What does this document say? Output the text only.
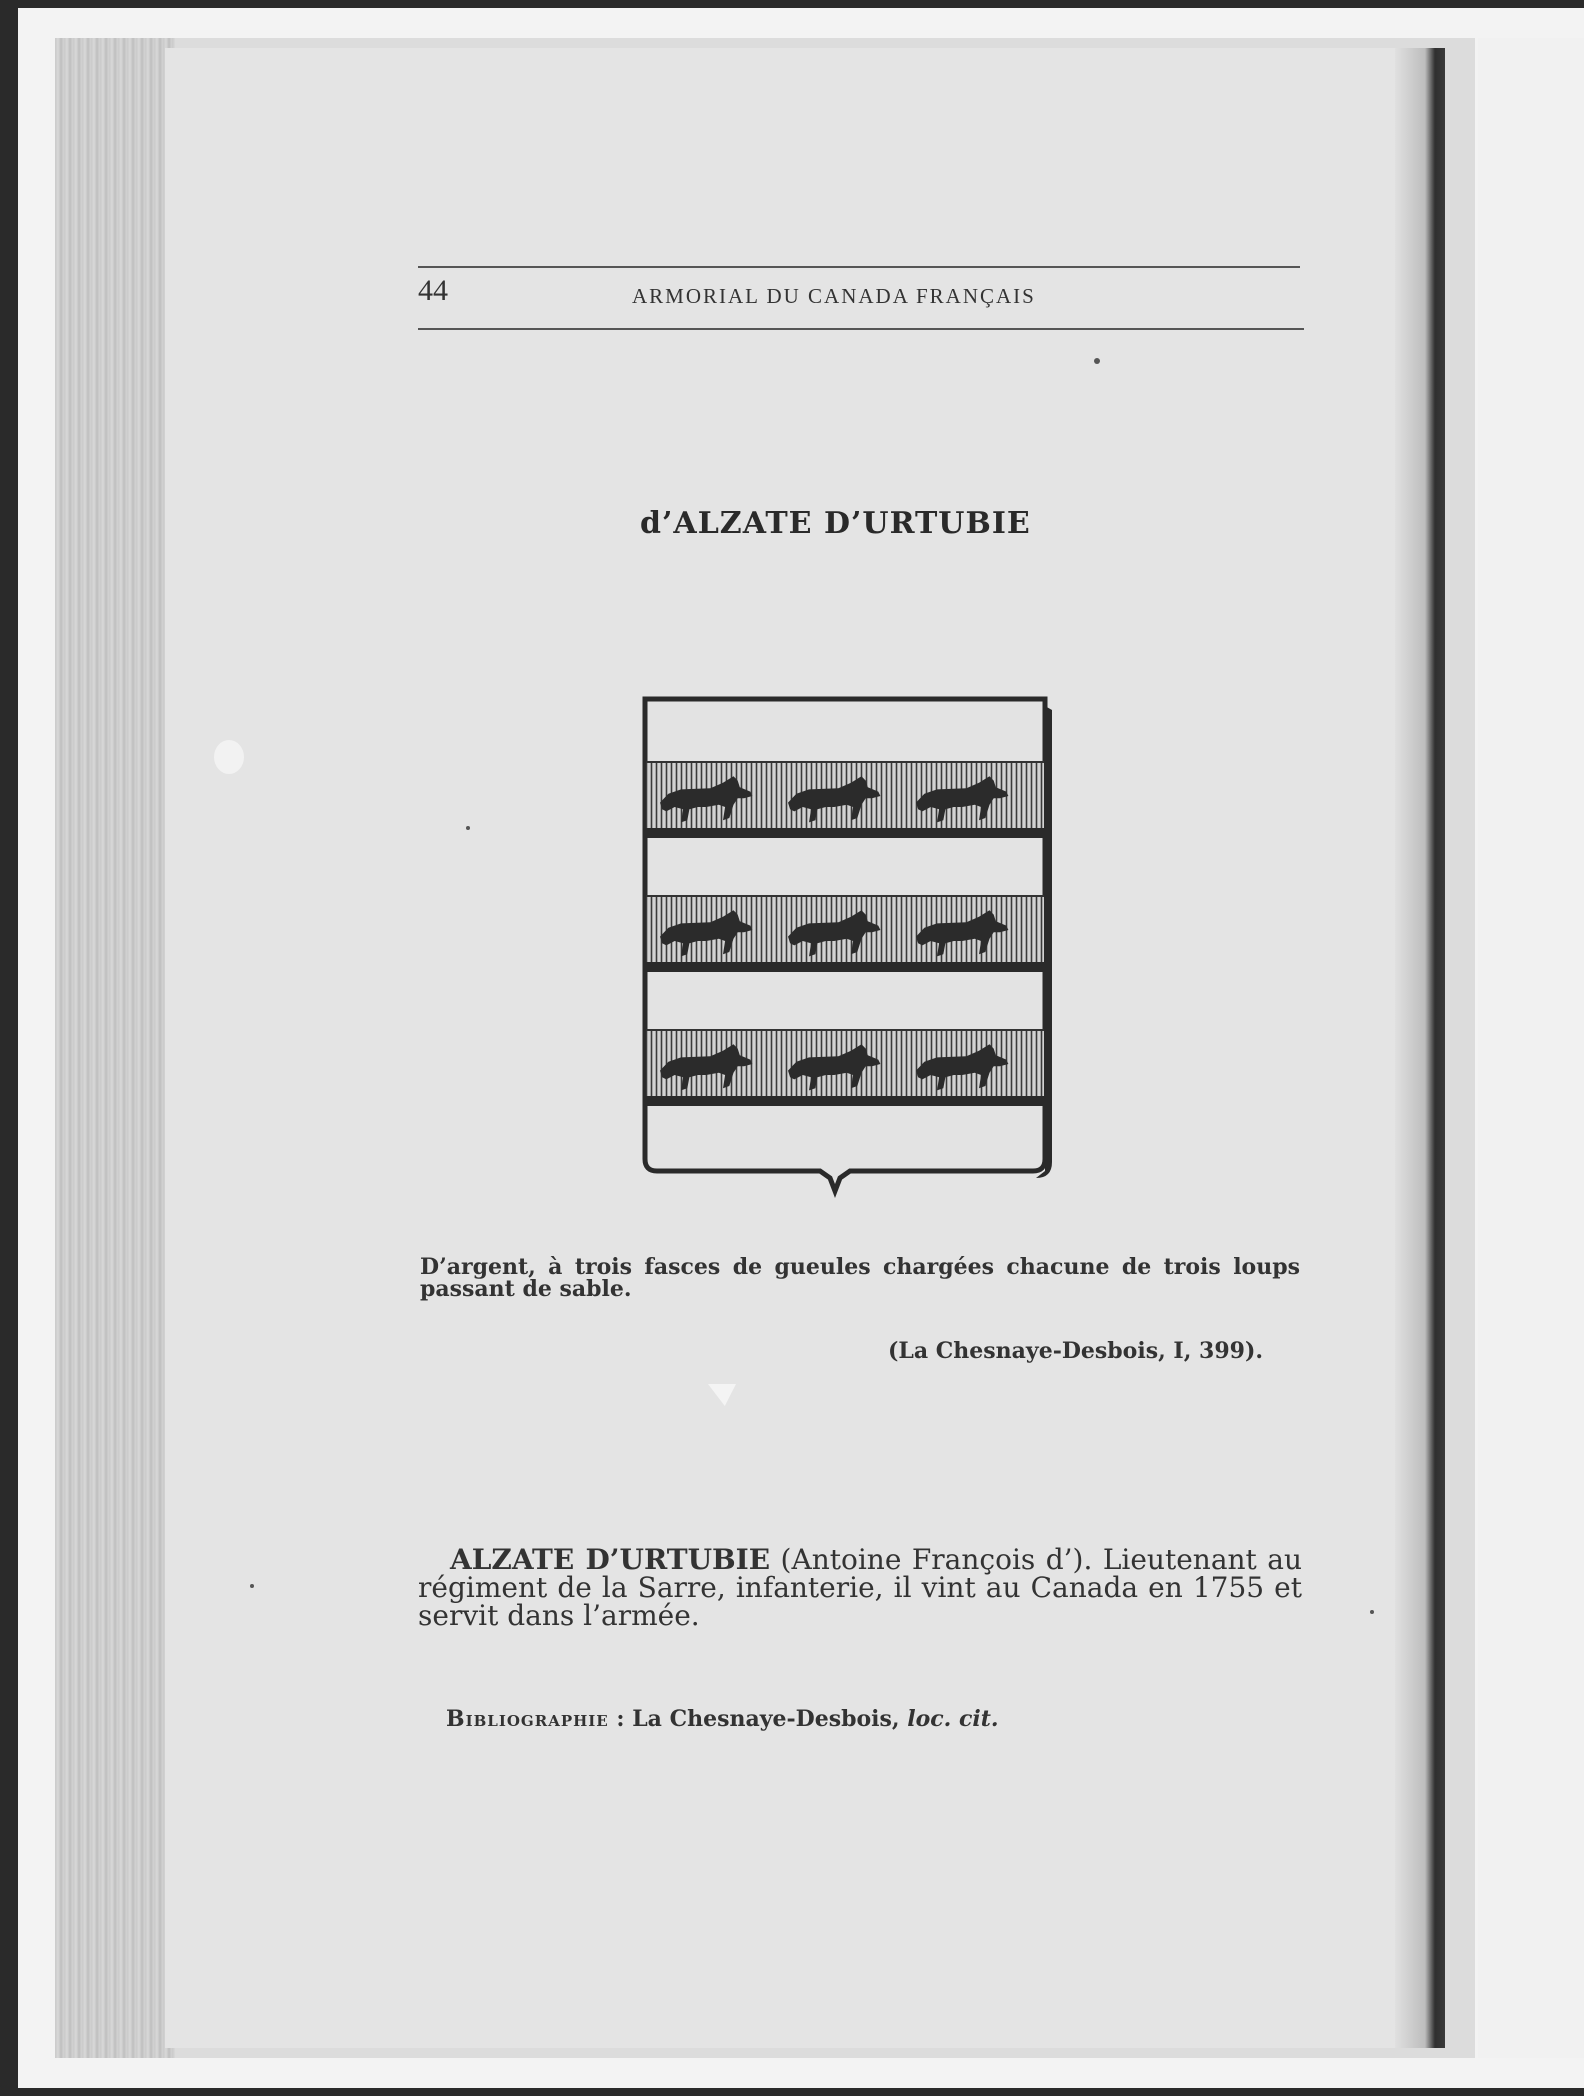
44	ARMORIAL DU CANADA FRANÇAIS
d’ALZATE D’URTUBIE
D’argent, à trois fasces de gueules chargées chacune de trois loups passant de sable.
(La Chesnaye-Desbois, I, 399).
ALZATE D’URTUBIE (Antoine François d’). Lieutenant au régiment de la Sarre, infanterie, il vint au Canada en 1755 et servit dans l’armée.
Bibliographie : La Chesnaye-Desbois, loc. cit.
